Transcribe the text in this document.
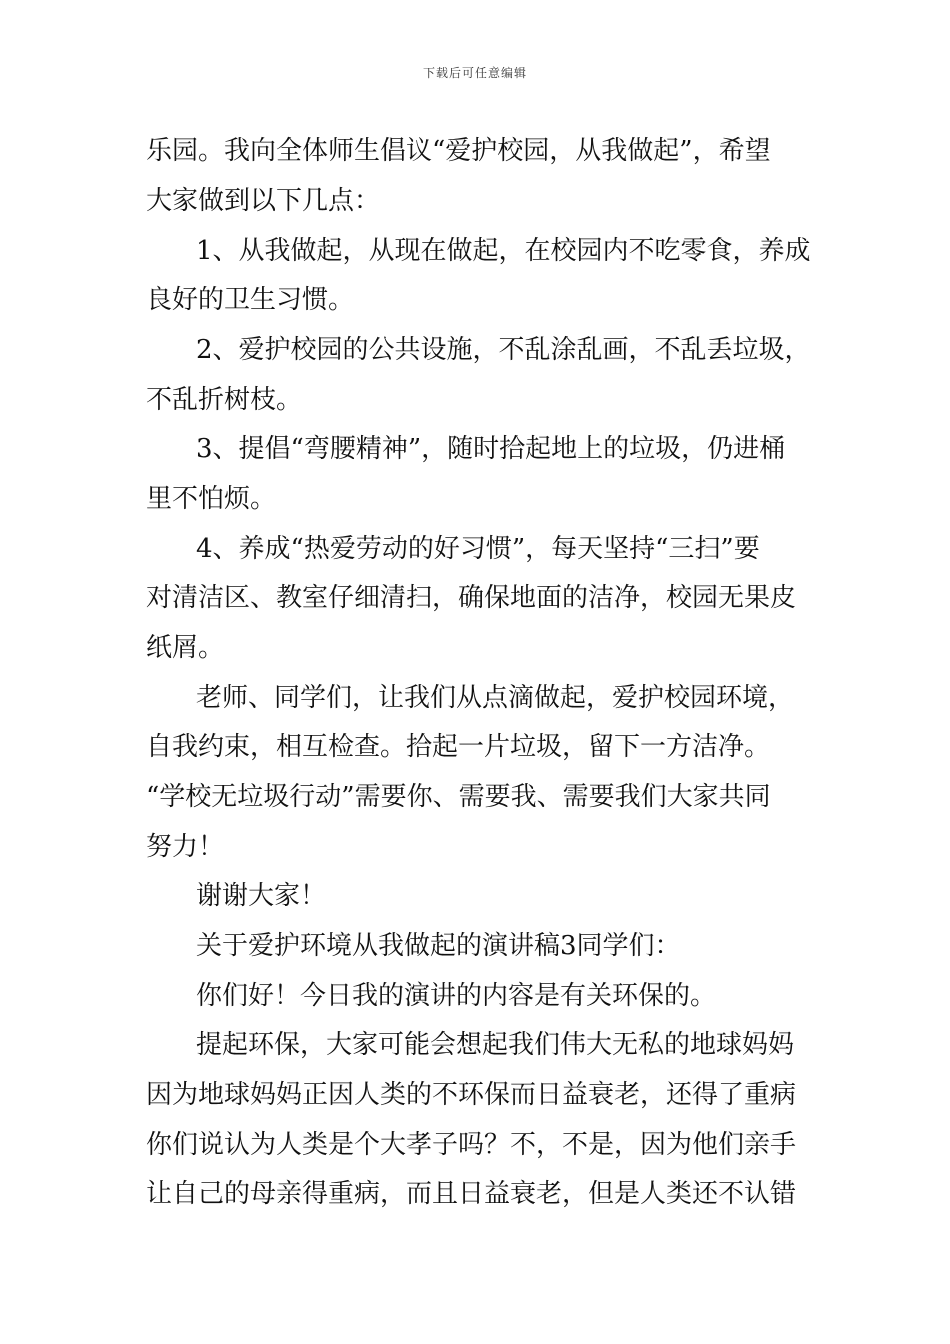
下载后可任意编辑
乐园。我向全体师生倡议“爱护校园，从我做起”，希望
大家做到以下几点：
1、从我做起，从现在做起，在校园内不吃零食，养成
良好的卫生习惯。
2、爱护校园的公共设施，不乱涂乱画，不乱丢垃圾，
不乱折树枝。
3、提倡“弯腰精神”，随时拾起地上的垃圾，仍进桶
里不怕烦。
4、养成“热爱劳动的好习惯”，每天坚持“三扫”要
对清洁区、教室仔细清扫，确保地面的洁净，校园无果皮
纸屑。
老师、同学们，让我们从点滴做起，爱护校园环境，
自我约束，相互检查。拾起一片垃圾，留下一方洁净。
“学校无垃圾行动”需要你、需要我、需要我们大家共同
努力！
谢谢大家！
关于爱护环境从我做起的演讲稿3同学们：
你们好！今日我的演讲的内容是有关环保的。
提起环保，大家可能会想起我们伟大无私的地球妈妈
因为地球妈妈正因人类的不环保而日益衰老，还得了重病
你们说认为人类是个大孝子吗？不，不是，因为他们亲手
让自己的母亲得重病，而且日益衰老，但是人类还不认错
